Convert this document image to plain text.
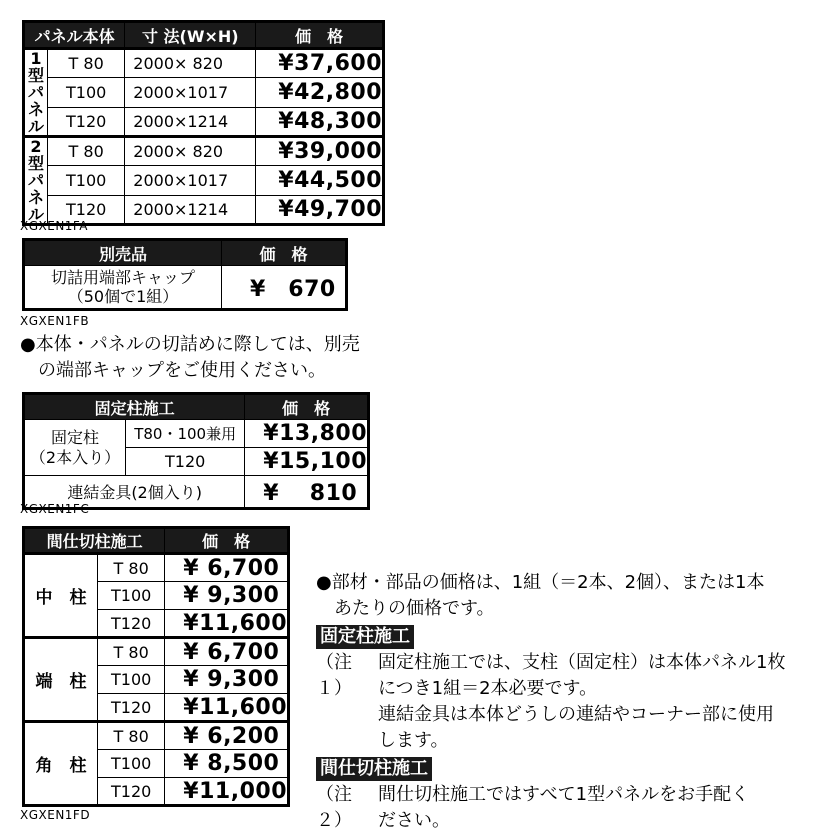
パネル本体		寸 法(W×H)	価　格
1
型
パ
ネ
ル	T 80	2000× 820	¥37,600
	T100	2000×1017	¥42,800
	T120	2000×1214	¥48,300
2
型
パ
ネ
ル	T 80	2000× 820	¥39,000
	T100	2000×1017	¥44,500
	T120	2000×1214	¥49,700
XGXEN1FA
別売品	価　格

切詰用端部キャップ
（50個で1組）	¥　670
XGXEN1FB
●本体・パネルの切詰めに際しては、別売
の端部キャップをご使用ください。
固定柱施工		価　格

固定柱
（2本入り）	T80・100兼用	¥13,800
	T120	¥15,100
連結金具(2個入り)		¥　 810
XGXEN1FC
間仕切柱施工		価　格
中　柱	T 80	¥ 6,700
	T100	¥ 9,300
	T120	¥11,600
端　柱	T 80	¥ 6,700
	T100	¥ 9,300
	T120	¥11,600
角　柱	T 80	¥ 6,200
	T100	¥ 8,500
	T120	¥11,000
XGXEN1FD
●部材・部品の価格は、1組（＝2本、2個）、または1本
あたりの価格です。
固定柱施工
（注１）
固定柱施工では、支柱（固定柱）は本体パネル1枚
につき1組＝2本必要です。
連結金具は本体どうしの連結やコーナー部に使用
します。
間仕切柱施工
（注２）
間仕切柱施工ではすべて1型パネルをお手配く
ださい。
